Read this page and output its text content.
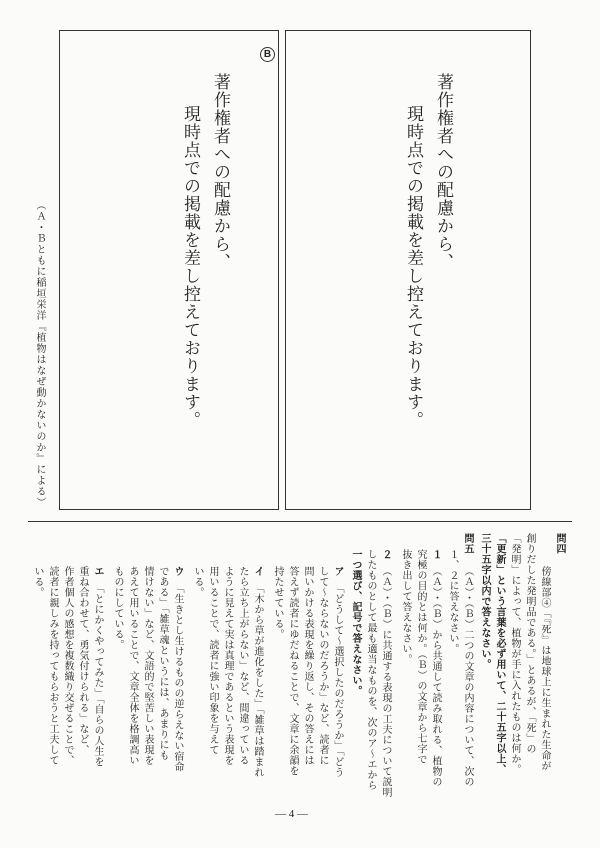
B
著作権者への配慮から、
現時点での掲載を差し控えております。	著作権者への配慮から、
現時点での掲載を差し控えております。
（Ａ・Ｂともに稲垣栄洋『植物はなぜ動かないのか』による）
問四
傍線部④「『死』は地球上に生まれた生命が
創りだした発明品である。」とあるが、「死」の
「発明」によって、植物が手に入れたものは何か。
「更新」という言葉を必ず用いて、二十五字以上、
三十五字以内で答えなさい。
問五
（Ａ）・（Ｂ）二つの文章の内容について、次の
１、２に答えなさい。
１
（Ａ）・（Ｂ）から共通して読み取れる、植物の
究極の目的とは何か。（Ｂ）の文章から七字で
抜き出して答えなさい。
２
（Ａ）・（Ｂ）に共通する表現の工夫について説明
したものとして最も適当なものを、次のア〜エから
一つ選び、記号で答えなさい。
ア
「どうして〜選択したのだろうか」「どう
して〜ならないのだろうか」など、読者に
問いかける表現を繰り返し、その答えには
答えず読者にゆだねることで、文章に余韻を
持たせている。
イ
「木から草が進化をした」「雑草は踏まれ
たら立ち上がらない」など、間違っている
ように見えて実は真理であるという表現を
用いることで、読者に強い印象を与えて
いる。
ウ
「生きとし生けるものの逆らえない宿命
である」「雑草魂というには、あまりにも
情けない」など、文語的で堅苦しい表現を
あえて用いることで、文章全体を格調高い
ものにしている。
エ
「とにかくやってみた」「自らの人生を
重ね合わせて、勇気付けられる」など、
作者個人の感想を複数織り交ぜることで、
読者に親しみを持ってもらおうと工夫して
いる。
— 4 —
